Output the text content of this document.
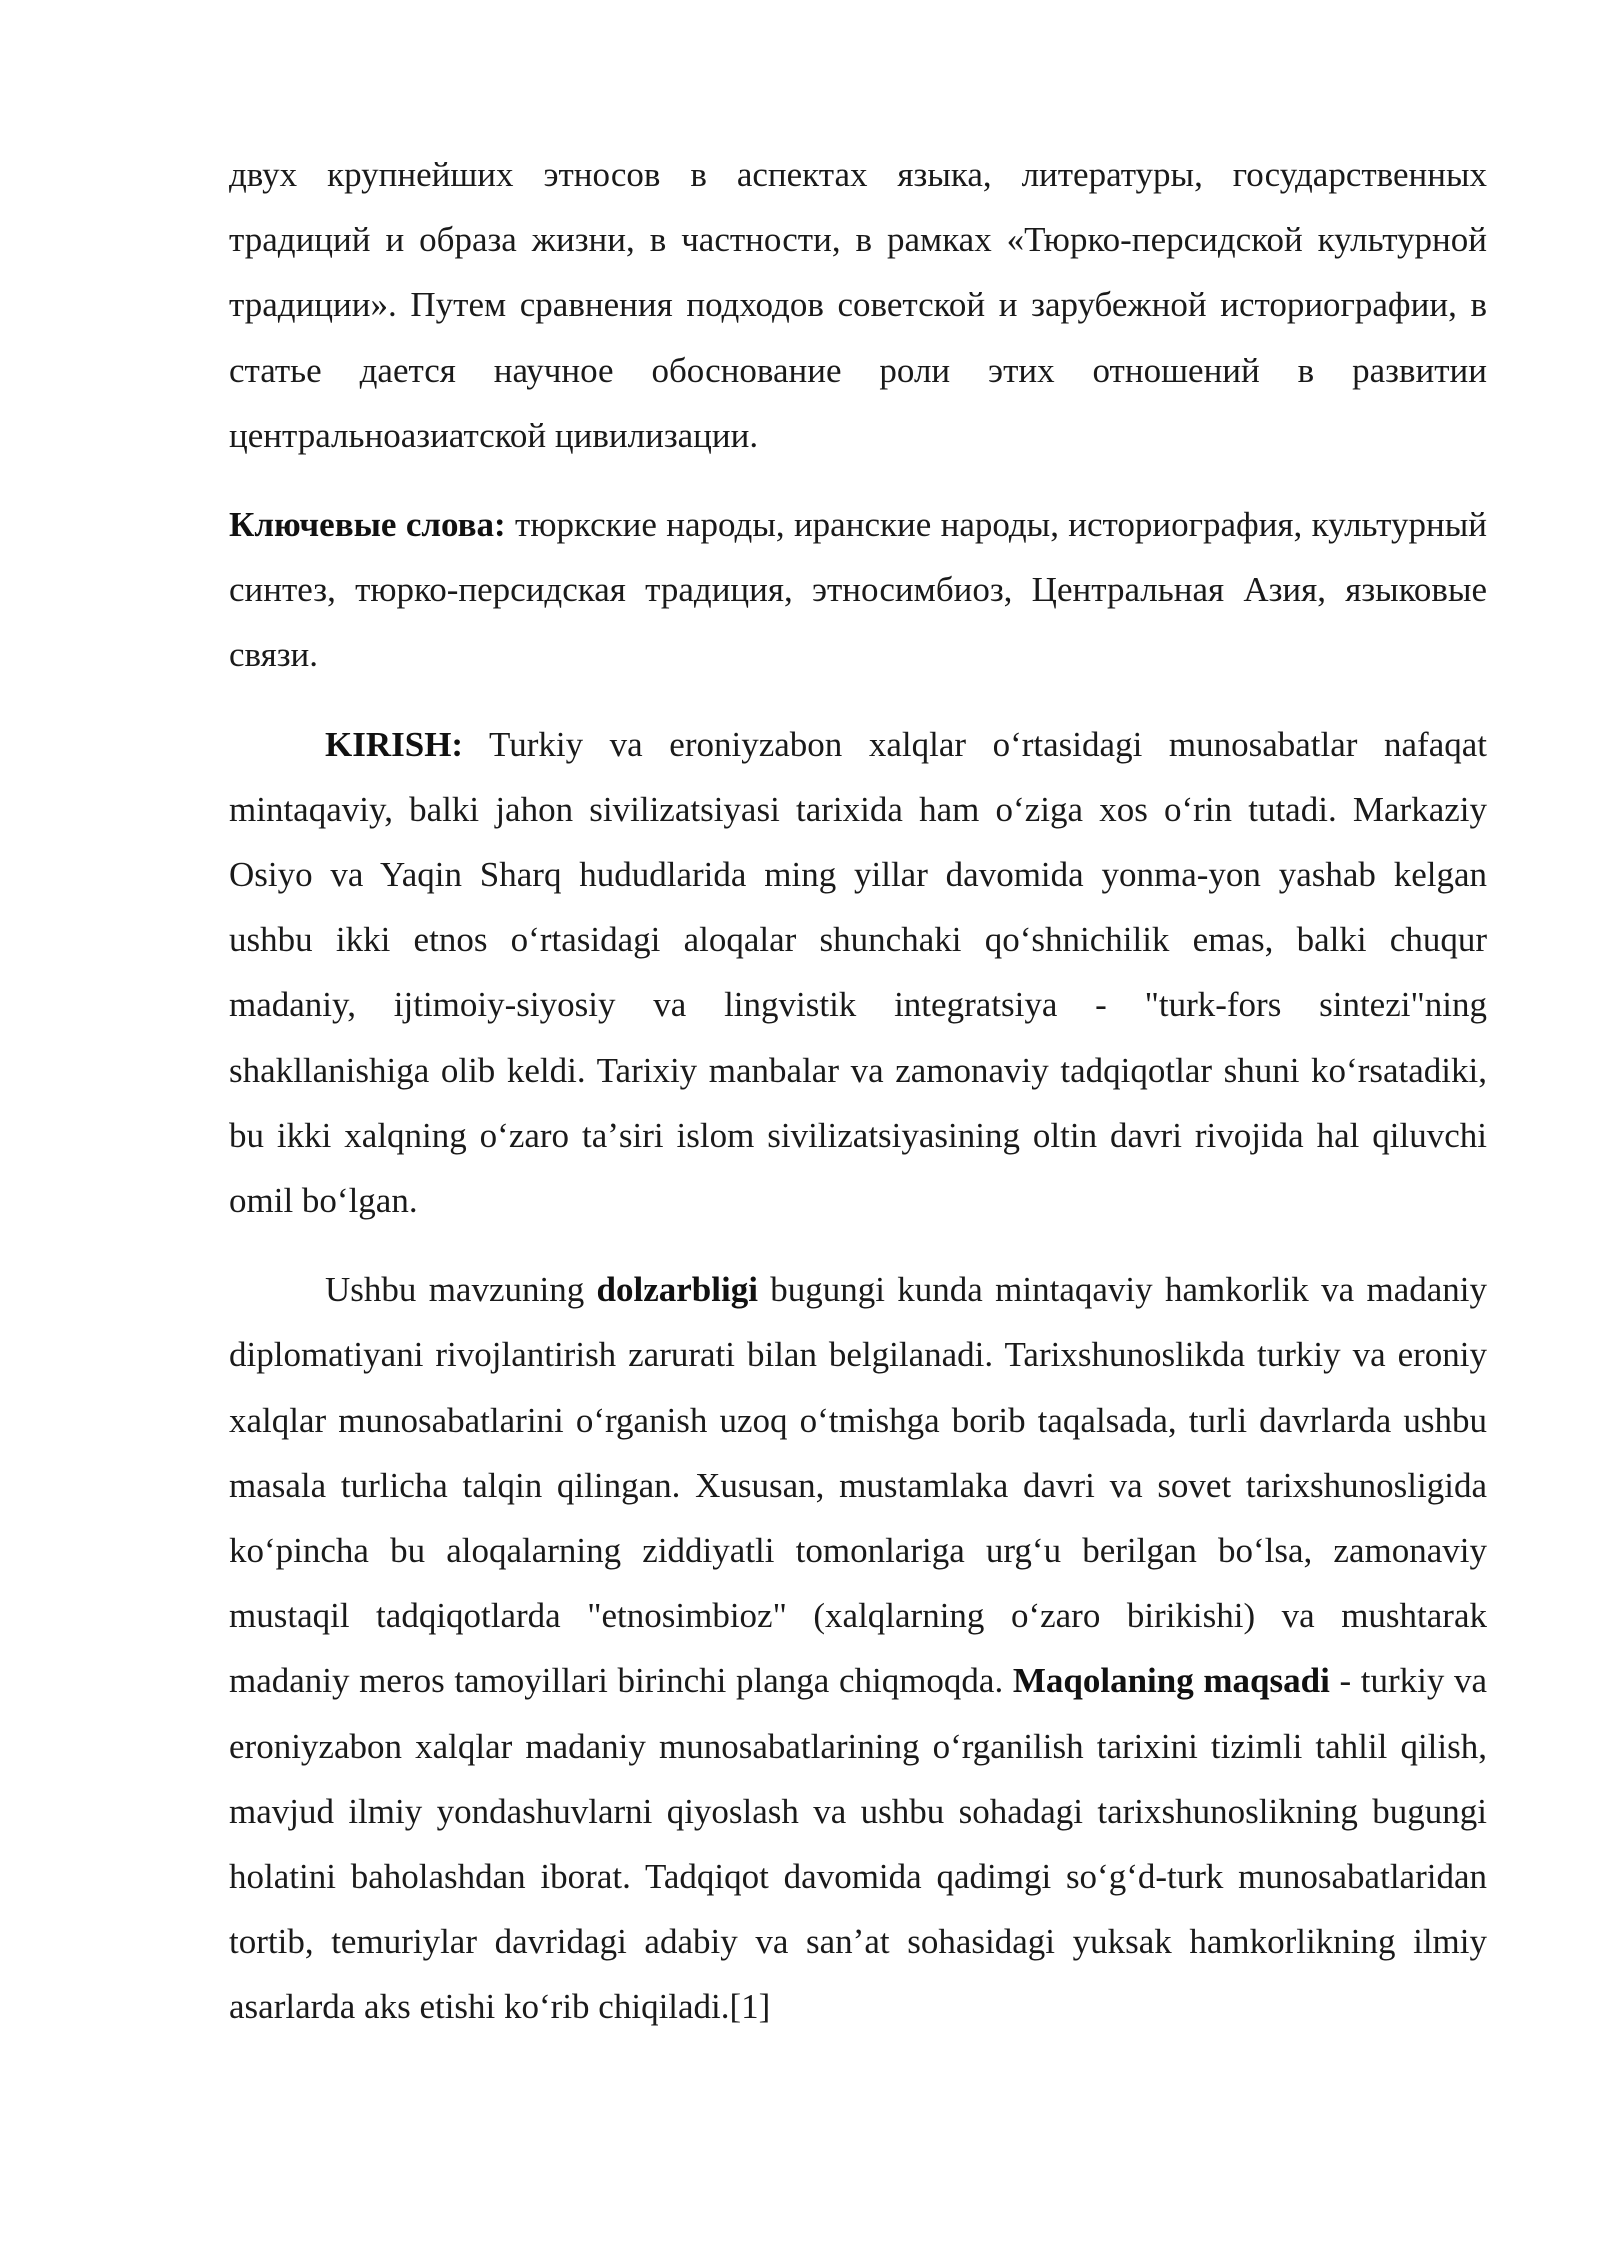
двух крупнейших этносов в аспектах языка, литературы, государственных традиций и образа жизни, в частности, в рамках «Тюрко-персидской культурной традиции». Путем сравнения подходов советской и зарубежной историографии, в статье дается научное обоснование роли этих отношений в развитии центральноазиатской цивилизации.

Ключевые слова: тюркские народы, иранские народы, историография, культурный синтез, тюрко-персидская традиция, этносимбиоз, Центральная Азия, языковые связи.

KIRISH: Turkiy va eroniyzabon xalqlar oʻrtasidagi munosabatlar nafaqat mintaqaviy, balki jahon sivilizatsiyasi tarixida ham oʻziga xos oʻrin tutadi. Markaziy Osiyo va Yaqin Sharq hududlarida ming yillar davomida yonma-yon yashab kelgan ushbu ikki etnos oʻrtasidagi aloqalar shunchaki qoʻshnichilik emas, balki chuqur madaniy, ijtimoiy-siyosiy va lingvistik integratsiya - "turk-fors sintezi"ning shakllanishiga olib keldi. Tarixiy manbalar va zamonaviy tadqiqotlar shuni koʻrsatadiki, bu ikki xalqning oʻzaro taʼsiri islom sivilizatsiyasining oltin davri rivojida hal qiluvchi omil boʻlgan.

Ushbu mavzuning dolzarbligi bugungi kunda mintaqaviy hamkorlik va madaniy diplomatiyani rivojlantirish zarurati bilan belgilanadi. Tarixshunoslikda turkiy va eroniy xalqlar munosabatlarini oʻrganish uzoq oʻtmishga borib taqalsada, turli davrlarda ushbu masala turlicha talqin qilingan. Xususan, mustamlaka davri va sovet tarixshunosligida koʻpincha bu aloqalarning ziddiyatli tomonlariga urgʻu berilgan boʻlsa, zamonaviy mustaqil tadqiqotlarda "etnosimbioz" (xalqlarning oʻzaro birikishi) va mushtarak madaniy meros tamoyillari birinchi planga chiqmoqda. Maqolaning maqsadi - turkiy va eroniyzabon xalqlar madaniy munosabatlarining oʻrganilish tarixini tizimli tahlil qilish, mavjud ilmiy yondashuvlarni qiyoslash va ushbu sohadagi tarixshunoslikning bugungi holatini baholashdan iborat. Tadqiqot davomida qadimgi soʻgʻd-turk munosabatlaridan tortib, temuriylar davridagi adabiy va sanʼat sohasidagi yuksak hamkorlikning ilmiy asarlarda aks etishi koʻrib chiqiladi.[1]
